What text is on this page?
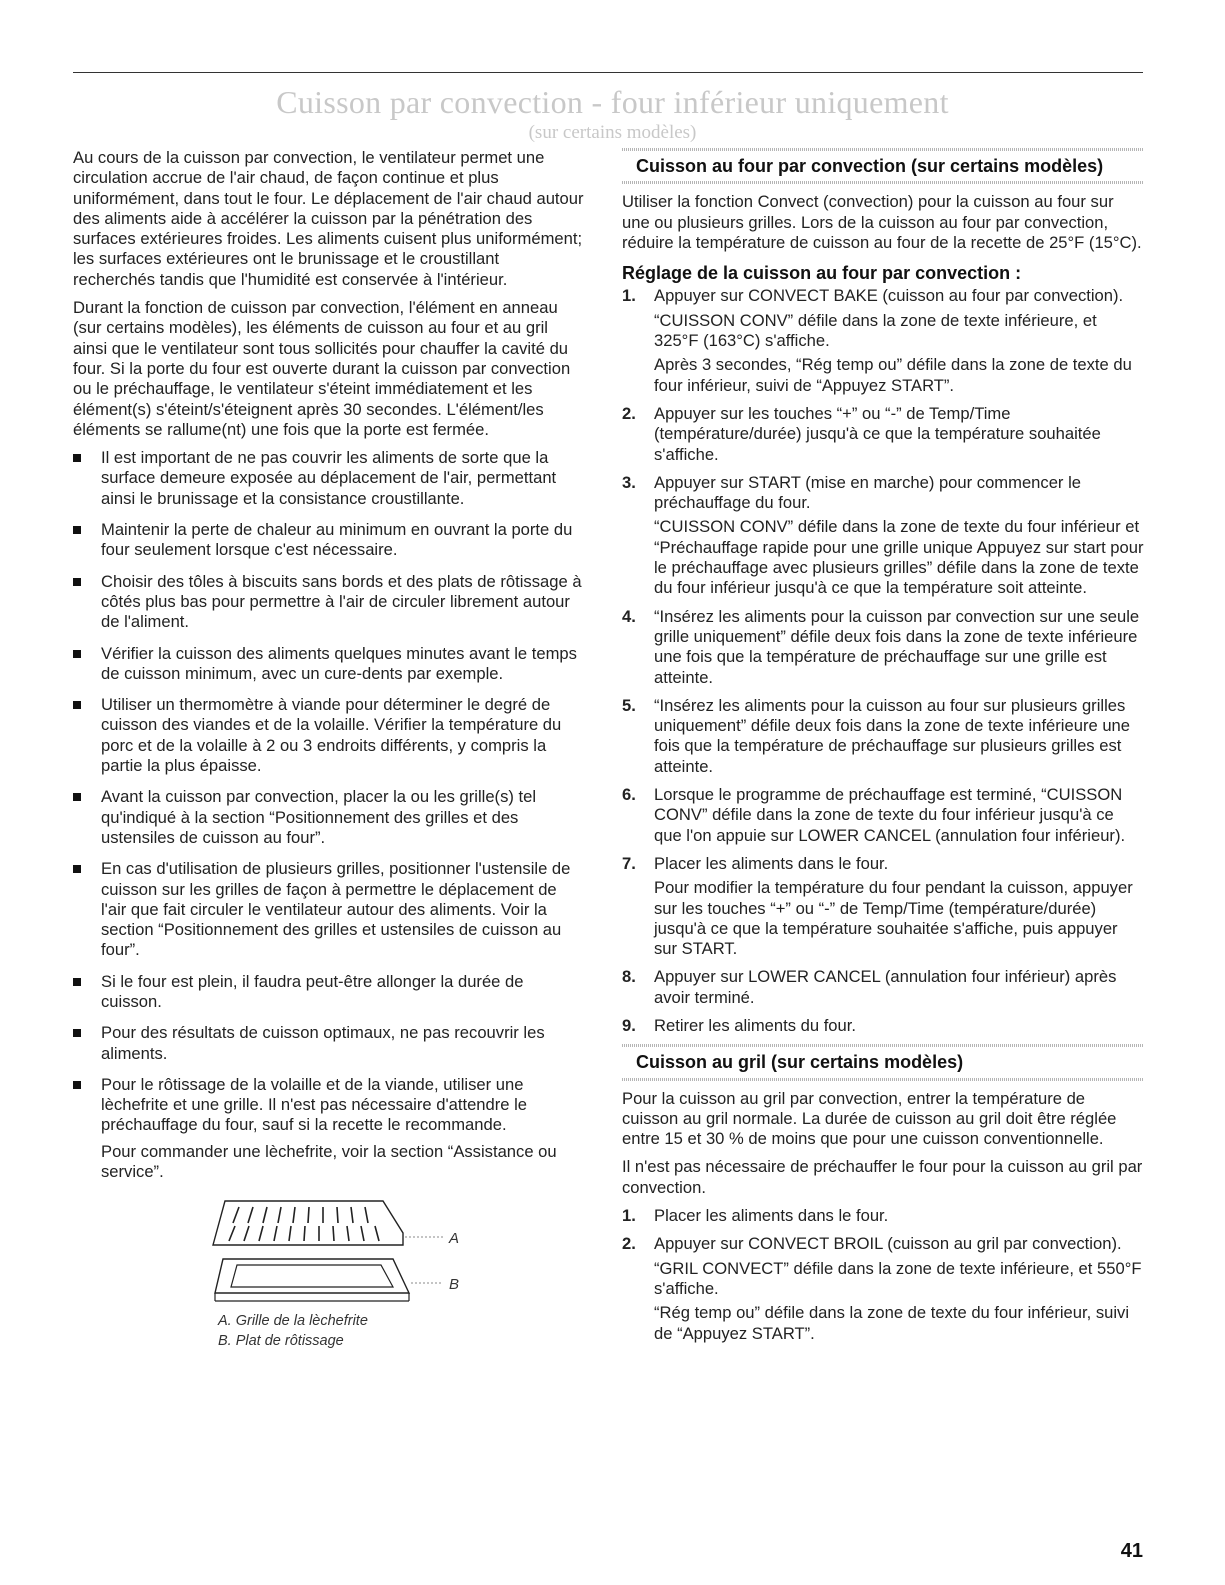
Cuisson par convection - four inférieur uniquement
(sur certains modèles)

Au cours de la cuisson par convection, le ventilateur permet une circulation accrue de l'air chaud, de façon continue et plus uniformément, dans tout le four. Le déplacement de l'air chaud autour des aliments aide à accélérer la cuisson par la pénétration des surfaces extérieures froides. Les aliments cuisent plus uniformément; les surfaces extérieures ont le brunissage et le croustillant recherchés tandis que l'humidité est conservée à l'intérieur.

Durant la fonction de cuisson par convection, l'élément en anneau (sur certains modèles), les éléments de cuisson au four et au gril ainsi que le ventilateur sont tous sollicités pour chauffer la cavité du four. Si la porte du four est ouverte durant la cuisson par convection ou le préchauffage, le ventilateur s'éteint immédiatement et les élément(s) s'éteint/s'éteignent après 30 secondes. L'élément/les éléments se rallume(nt) une fois que la porte est fermée.

Il est important de ne pas couvrir les aliments de sorte que la surface demeure exposée au déplacement de l'air, permettant ainsi le brunissage et la consistance croustillante.
Maintenir la perte de chaleur au minimum en ouvrant la porte du four seulement lorsque c'est nécessaire.
Choisir des tôles à biscuits sans bords et des plats de rôtissage à côtés plus bas pour permettre à l'air de circuler librement autour de l'aliment.
Vérifier la cuisson des aliments quelques minutes avant le temps de cuisson minimum, avec un cure-dents par exemple.
Utiliser un thermomètre à viande pour déterminer le degré de cuisson des viandes et de la volaille. Vérifier la température du porc et de la volaille à 2 ou 3 endroits différents, y compris la partie la plus épaisse.
Avant la cuisson par convection, placer la ou les grille(s) tel qu'indiqué à la section “Positionnement des grilles et des ustensiles de cuisson au four”.
En cas d'utilisation de plusieurs grilles, positionner l'ustensile de cuisson sur les grilles de façon à permettre le déplacement de l'air que fait circuler le ventilateur autour des aliments. Voir la section “Positionnement des grilles et ustensiles de cuisson au four”.
Si le four est plein, il faudra peut-être allonger la durée de cuisson.
Pour des résultats de cuisson optimaux, ne pas recouvrir les aliments.
Pour le rôtissage de la volaille et de la viande, utiliser une lèchefrite et une grille. Il n'est pas nécessaire d'attendre le préchauffage du four, sauf si la recette le recommande.

Pour commander une lèchefrite, voir la section “Assistance ou service”.

A
B
A. Grille de la lèchefrite
B. Plat de rôtissage
Cuisson au four par convection (sur certains modèles)

Utiliser la fonction Convect (convection) pour la cuisson au four sur une ou plusieurs grilles. Lors de la cuisson au four par convection, réduire la température de cuisson au four de la recette de 25°F (15°C).

Réglage de la cuisson au four par convection :
1. Appuyer sur CONVECT BAKE (cuisson au four par convection).

“CUISSON CONV” défile dans la zone de texte inférieure, et 325°F (163°C) s'affiche.

Après 3 secondes, “Rég temp ou” défile dans la zone de texte du four inférieur, suivi de “Appuyez START”.

2. Appuyer sur les touches “+” ou “-” de Temp/Time (température/durée) jusqu'à ce que la température souhaitée s'affiche.
3. Appuyer sur START (mise en marche) pour commencer le préchauffage du four.

“CUISSON CONV” défile dans la zone de texte du four inférieur et “Préchauffage rapide pour une grille unique Appuyez sur start pour le préchauffage avec plusieurs grilles” défile dans la zone de texte du four inférieur jusqu'à ce que la température soit atteinte.

4. “Insérez les aliments pour la cuisson par convection sur une seule grille uniquement” défile deux fois dans la zone de texte inférieure une fois que la température de préchauffage sur une grille est atteinte.
5. “Insérez les aliments pour la cuisson au four sur plusieurs grilles uniquement” défile deux fois dans la zone de texte inférieure une fois que la température de préchauffage sur plusieurs grilles est atteinte.
6. Lorsque le programme de préchauffage est terminé, “CUISSON CONV” défile dans la zone de texte du four inférieur jusqu'à ce que l'on appuie sur LOWER CANCEL (annulation four inférieur).
7. Placer les aliments dans le four.

Pour modifier la température du four pendant la cuisson, appuyer sur les touches “+” ou “-” de Temp/Time (température/durée) jusqu'à ce que la température souhaitée s'affiche, puis appuyer sur START.

8. Appuyer sur LOWER CANCEL (annulation four inférieur) après avoir terminé.
9. Retirer les aliments du four.
Cuisson au gril (sur certains modèles)

Pour la cuisson au gril par convection, entrer la température de cuisson au gril normale. La durée de cuisson au gril doit être réglée entre 15 et 30 % de moins que pour une cuisson conventionnelle.

Il n'est pas nécessaire de préchauffer le four pour la cuisson au gril par convection.

1. Placer les aliments dans le four.
2. Appuyer sur CONVECT BROIL (cuisson au gril par convection).

“GRIL CONVECT” défile dans la zone de texte inférieure, et 550°F s'affiche.

“Rég temp ou” défile dans la zone de texte du four inférieur, suivi de “Appuyez START”.

41
